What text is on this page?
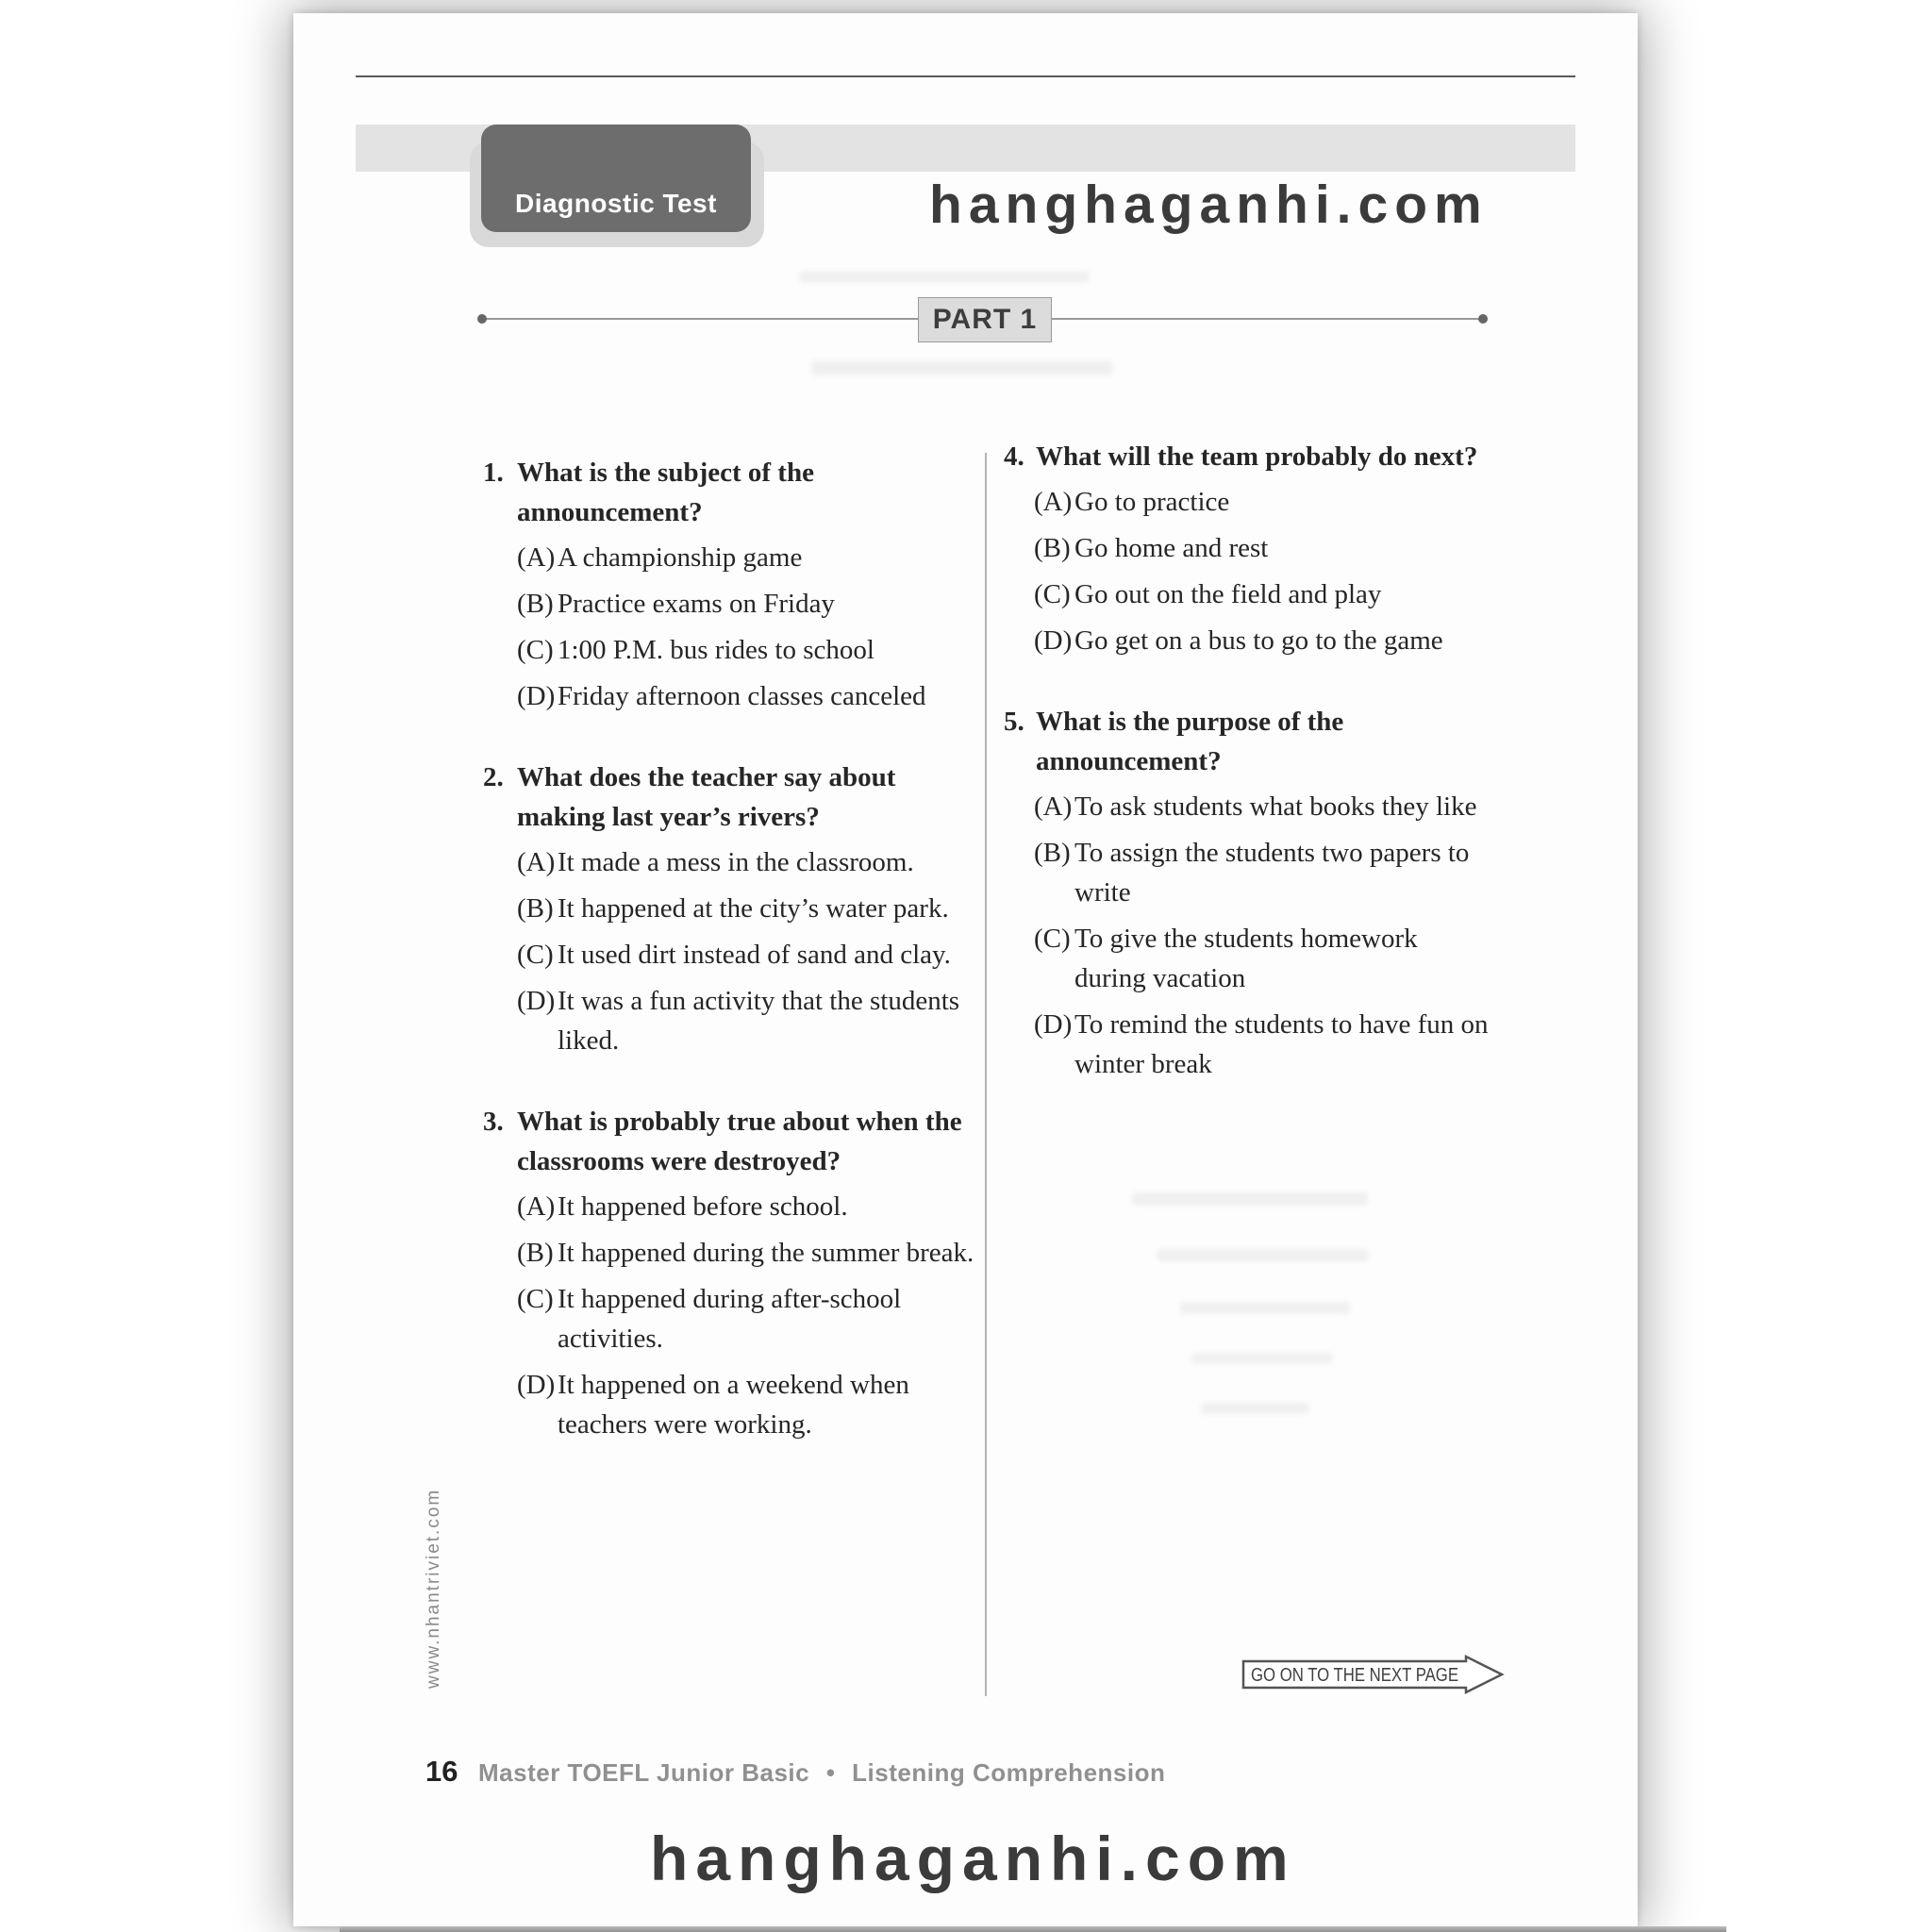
Diagnostic Test	hanghaganhi.com
PART 1
1. What is the subject of the
announcement?
(A) A championship game
(B) Practice exams on Friday
(C) 1:00 P.M. bus rides to school
(D) Friday afternoon classes canceled
2. What does the teacher say about
making last year’s rivers?
(A) It made a mess in the classroom.
(B) It happened at the city’s water park.
(C) It used dirt instead of sand and clay.
(D) It was a fun activity that the students
liked.
3. What is probably true about when the
classrooms were destroyed?
(A) It happened before school.
(B) It happened during the summer break.
(C) It happened during after-school
activities.
(D) It happened on a weekend when
teachers were working.
4. What will the team probably do next?
(A) Go to practice
(B) Go home and rest
(C) Go out on the field and play
(D) Go get on a bus to go to the game
5. What is the purpose of the
announcement?
(A) To ask students what books they like
(B) To assign the students two papers to
write
(C) To give the students homework
during vacation
(D) To remind the students to have fun on
winter break
GO ON TO THE NEXT PAGE
www.nhantriviet.com
16 Master TOEFL Junior Basic • Listening Comprehension
hanghaganhi.com
